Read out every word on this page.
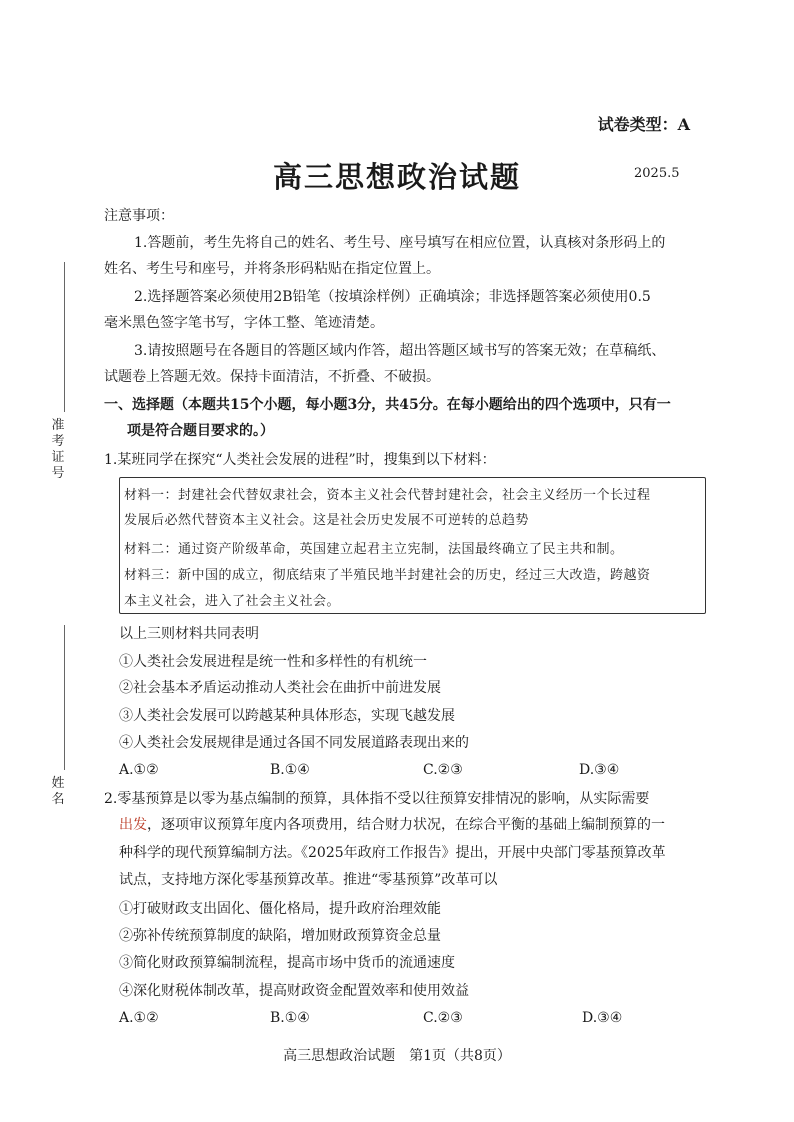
试卷类型：A
高三思想政治试题	2025.5
准考证号
姓名
注意事项：
1.答题前，考生先将自己的姓名、考生号、座号填写在相应位置，认真核对条形码上的
姓名、考生号和座号，并将条形码粘贴在指定位置上。
2.选择题答案必须使用2B铅笔（按填涂样例）正确填涂；非选择题答案必须使用0.5
毫米黑色签字笔书写，字体工整、笔迹清楚。
3.请按照题号在各题目的答题区域内作答，超出答题区域书写的答案无效；在草稿纸、
试题卷上答题无效。保持卡面清洁，不折叠、不破损。
一、选择题（本题共15个小题，每小题3分，共45分。在每小题给出的四个选项中，只有一
项是符合题目要求的。）
1.某班同学在探究“人类社会发展的进程”时，搜集到以下材料：
材料一：封建社会代替奴隶社会，资本主义社会代替封建社会，社会主义经历一个长过程
发展后必然代替资本主义社会。这是社会历史发展不可逆转的总趋势
材料二：通过资产阶级革命，英国建立起君主立宪制，法国最终确立了民主共和制。
材料三：新中国的成立，彻底结束了半殖民地半封建社会的历史，经过三大改造，跨越资
本主义社会，进入了社会主义社会。
以上三则材料共同表明
①人类社会发展进程是统一性和多样性的有机统一
②社会基本矛盾运动推动人类社会在曲折中前进发展
③人类社会发展可以跨越某种具体形态，实现飞越发展
④人类社会发展规律是通过各国不同发展道路表现出来的
A.①②	B.①④	C.②③	D.③④
2.零基预算是以零为基点编制的预算，具体指不受以往预算安排情况的影响，从实际需要
出发，逐项审议预算年度内各项费用，结合财力状况，在综合平衡的基础上编制预算的一
种科学的现代预算编制方法。《2025年政府工作报告》提出，开展中央部门零基预算改革
试点，支持地方深化零基预算改革。推进“零基预算”改革可以
①打破财政支出固化、僵化格局，提升政府治理效能
②弥补传统预算制度的缺陷，增加财政预算资金总量
③简化财政预算编制流程，提高市场中货币的流通速度
④深化财税体制改革，提高财政资金配置效率和使用效益
A.①②	B.①④	C.②③	D.③④
高三思想政治试题　第1页（共8页）
